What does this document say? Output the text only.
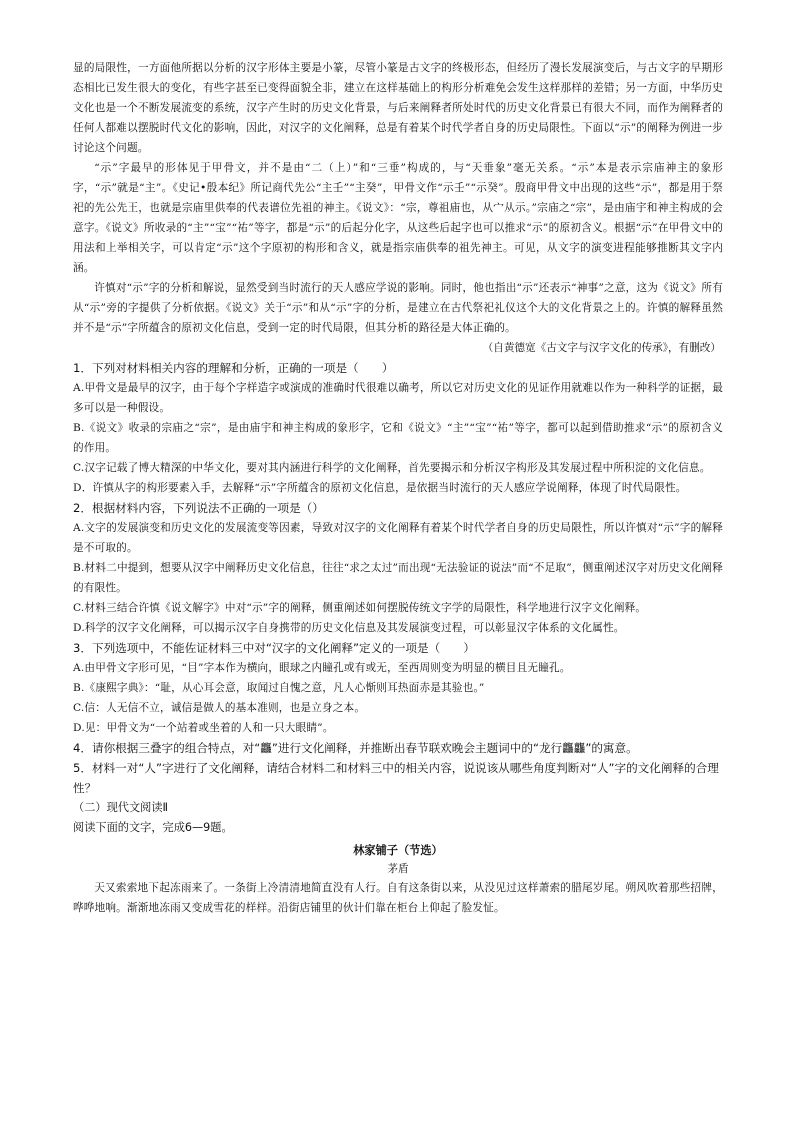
显的局限性，一方面他所据以分析的汉字形体主要是小篆，尽管小篆是古文字的终极形态，但经历了漫长发展演变后，与古文字的早期形态相比已发生很大的变化，有些字甚至已变得面貌全非，建立在这样基础上的构形分析难免会发生这样那样的差错；另一方面，中华历史文化也是一个不断发展流变的系统，汉字产生时的历史文化背景，与后来阐释者所处时代的历史文化背景已有很大不同，而作为阐释者的任何人都难以摆脱时代文化的影响，因此，对汉字的文化阐释，总是有着某个时代学者自身的历史局限性。下面以“示”的阐释为例进一步讨论这个问题。

“示”字最早的形体见于甲骨文，并不是由“二（上）”和“三垂”构成的，与“天垂象”毫无关系。“示”本是表示宗庙神主的象形字，“示”就是“主”。《史记•殷本纪》所记商代先公“主壬”“主癸”，甲骨文作“示壬”“示癸”。殷商甲骨文中出现的这些“示”，都是用于祭祀的先公先王，也就是宗庙里供奉的代表谱位先祖的神主。《说文》：“宗，尊祖庙也，从宀从示。”宗庙之“宗”，是由庙宇和神主构成的会意字。《说文》所收录的“主”“宝”“祐”等字，都是“示”的后起分化字，从这些后起字也可以推求“示”的原初含义。根据“示”在甲骨文中的用法和上举相关字，可以肯定“示”这个字原初的构形和含义，就是指宗庙供奉的祖先神主。可见，从文字的演变进程能够推断其文字内涵。

许慎对“示”字的分析和解说，显然受到当时流行的天人感应学说的影响。同时，他也指出“示”还表示“神事”之意，这为《说文》所有从“示”旁的字提供了分析依据。《说文》关于“示”和从“示”字的分析，是建立在古代祭祀礼仪这个大的文化背景之上的。许慎的解释虽然并不是“示”字所蕴含的原初文化信息，受到一定的时代局限，但其分析的路径是大体正确的。

（自黄德宽《古文字与汉字文化的传承》，有删改）

1．下列对材料相关内容的理解和分析，正确的一项是（　　）

A.甲骨文是最早的汉字，由于每个字样造字或演成的准确时代很难以确考，所以它对历史文化的见证作用就难以作为一种科学的证据，最多可以是一种假设。

B.《说文》收录的宗庙之“宗”，是由庙宇和神主构成的象形字，它和《说文》“主”“宝”“祐”等字，都可以起到借助推求“示”的原初含义的作用。

C.汉字记载了博大精深的中华文化，要对其内涵进行科学的文化阐释，首先要揭示和分析汉字构形及其发展过程中所积淀的文化信息。

D．许慎从字的构形要素入手，去解释“示”字所蕴含的原初文化信息，是依据当时流行的天人感应学说阐释，体现了时代局限性。

2．根据材料内容，下列说法不正确的一项是（）

A.文字的发展演变和历史文化的发展流变等因素，导致对汉字的文化阐释有着某个时代学者自身的历史局限性，所以许慎对“示”字的解释是不可取的。

B.材料二中提到，想要从汉字中阐释历史文化信息，往往“求之太过”而出现“无法验证的说法”而“不足取”，侧重阐述汉字对历史文化阐释的有限性。

C.材料三结合许慎《说文解字》中对“示”字的阐释，侧重阐述如何摆脱传统文字学的局限性，科学地进行汉字文化阐释。

D.科学的汉字文化阐释，可以揭示汉字自身携带的历史文化信息及其发展演变过程，可以彰显汉字体系的文化属性。

3．下列选项中，不能佐证材料三中对“汉字的文化阐释”定义的一项是（　　）

A.由甲骨文字形可见，“目”字本作为横向，眼球之内瞳孔或有或无，至西周则变为明显的横目且无瞳孔。

B.《康熙字典》：“耻，从心耳会意，取闻过自愧之意，凡人心惭则耳热面赤是其验也。”

C.信：人无信不立，诚信是做人的基本准则，也是立身之本。

D.见：甲骨文为“一个站着或坐着的人和一只大眼睛”。

4．请你根据三叠字的组合特点，对“龘”进行文化阐释，并推断出春节联欢晚会主题词中的“龙行龘龘”的寓意。

5．材料一对“人”字进行了文化阐释，请结合材料二和材料三中的相关内容，说说该从哪些角度判断对“人”字的文化阐释的合理性？

（二）现代文阅读Ⅱ

阅读下面的文字，完成6—9题。

林家铺子（节选）

茅盾

天又索索地下起冻雨来了。一条街上冷清清地简直没有人行。自有这条街以来，从没见过这样萧索的腊尾岁尾。朔风吹着那些招牌，哗哗地响。渐渐地冻雨又变成雪花的样样。沿街店铺里的伙计们靠在柜台上仰起了脸发怔。
